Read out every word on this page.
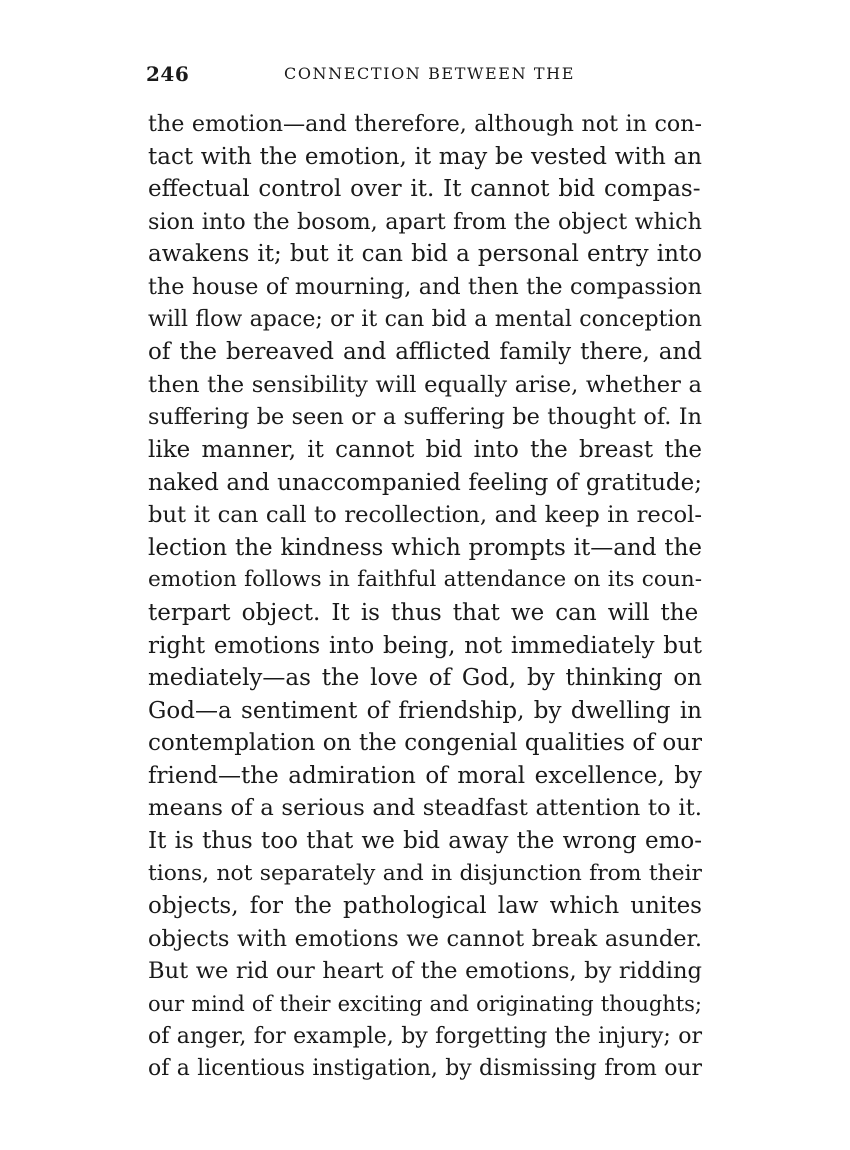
246	CONNECTION BETWEEN THE
the emotion—and therefore, although not in con-
tact with the emotion, it may be vested with an
effectual control over it. It cannot bid compas-
sion into the bosom, apart from the object which
awakens it; but it can bid a personal entry into
the house of mourning, and then the compassion
will flow apace; or it can bid a mental conception
of the bereaved and afflicted family there, and
then the sensibility will equally arise, whether a
suffering be seen or a suffering be thought of. In
like manner, it cannot bid into the breast the
naked and unaccompanied feeling of gratitude;
but it can call to recollection, and keep in recol-
lection the kindness which prompts it—and the
emotion follows in faithful attendance on its coun-
terpart object. It is thus that we can will the
right emotions into being, not immediately but
mediately—as the love of God, by thinking on
God—a sentiment of friendship, by dwelling in
contemplation on the congenial qualities of our
friend—the admiration of moral excellence, by
means of a serious and steadfast attention to it.
It is thus too that we bid away the wrong emo-
tions, not separately and in disjunction from their
objects, for the pathological law which unites
objects with emotions we cannot break asunder.
But we rid our heart of the emotions, by ridding
our mind of their exciting and originating thoughts;
of anger, for example, by forgetting the injury; or
of a licentious instigation, by dismissing from our
